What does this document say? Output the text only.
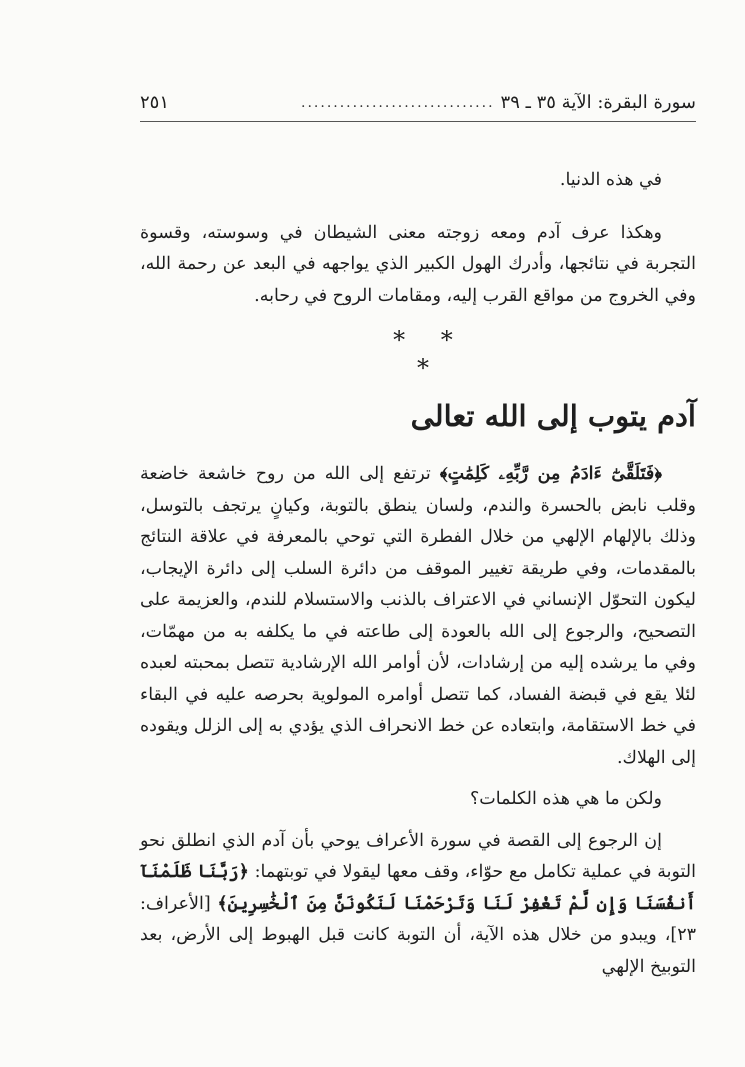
سورة البقرة: الآية ٣٥ ـ ٣٩
..............................
٢٥١

في هذه الدنيا.

وهكذا عرف آدم ومعه زوجته معنى الشيطان في وسوسته، وقسوة التجربة في نتائجها، وأدرك الهول الكبير الذي يواجهه في البعد عن رحمة الله، وفي الخروج من مواقع القرب إليه، ومقامات الروح في رحابه.

* * *
آدم يتوب إلى الله تعالى

﴿فَتَلَقَّىٰٓ ءَادَمُ مِن رَّبِّهِۦ كَلِمَٰتٍ﴾ ترتفع إلى الله من روح خاشعة خاضعة وقلب نابض بالحسرة والندم، ولسان ينطق بالتوبة، وكيانٍ يرتجف بالتوسل، وذلك بالإلهام الإلهي من خلال الفطرة التي توحي بالمعرفة في علاقة النتائج بالمقدمات، وفي طريقة تغيير الموقف من دائرة السلب إلى دائرة الإيجاب، ليكون التحوّل الإنساني في الاعتراف بالذنب والاستسلام للندم، والعزيمة على التصحيح، والرجوع إلى الله بالعودة إلى طاعته في ما يكلفه به من مهمّات، وفي ما يرشده إليه من إرشادات، لأن أوامر الله الإرشادية تتصل بمحبته لعبده لئلا يقع في قبضة الفساد، كما تتصل أوامره المولوية بحرصه عليه في البقاء في خط الاستقامة، وابتعاده عن خط الانحراف الذي يؤدي به إلى الزلل ويقوده إلى الهلاك.

ولكن ما هي هذه الكلمات؟

إن الرجوع إلى القصة في سورة الأعراف يوحي بأن آدم الذي انطلق نحو التوبة في عملية تكامل مع حوّاء، وقف معها ليقولا في توبتهما: ﴿رَبَّنَا ظَلَمْنَآ أَنفُسَنَا وَإِن لَّمْ تَغْفِرْ لَنَا وَتَرْحَمْنَا لَنَكُونَنَّ مِنَ ٱلْخَٰسِرِينَ﴾ [الأعراف: ٢٣]، ويبدو من خلال هذه الآية، أن التوبة كانت قبل الهبوط إلى الأرض، بعد التوبيخ الإلهي
